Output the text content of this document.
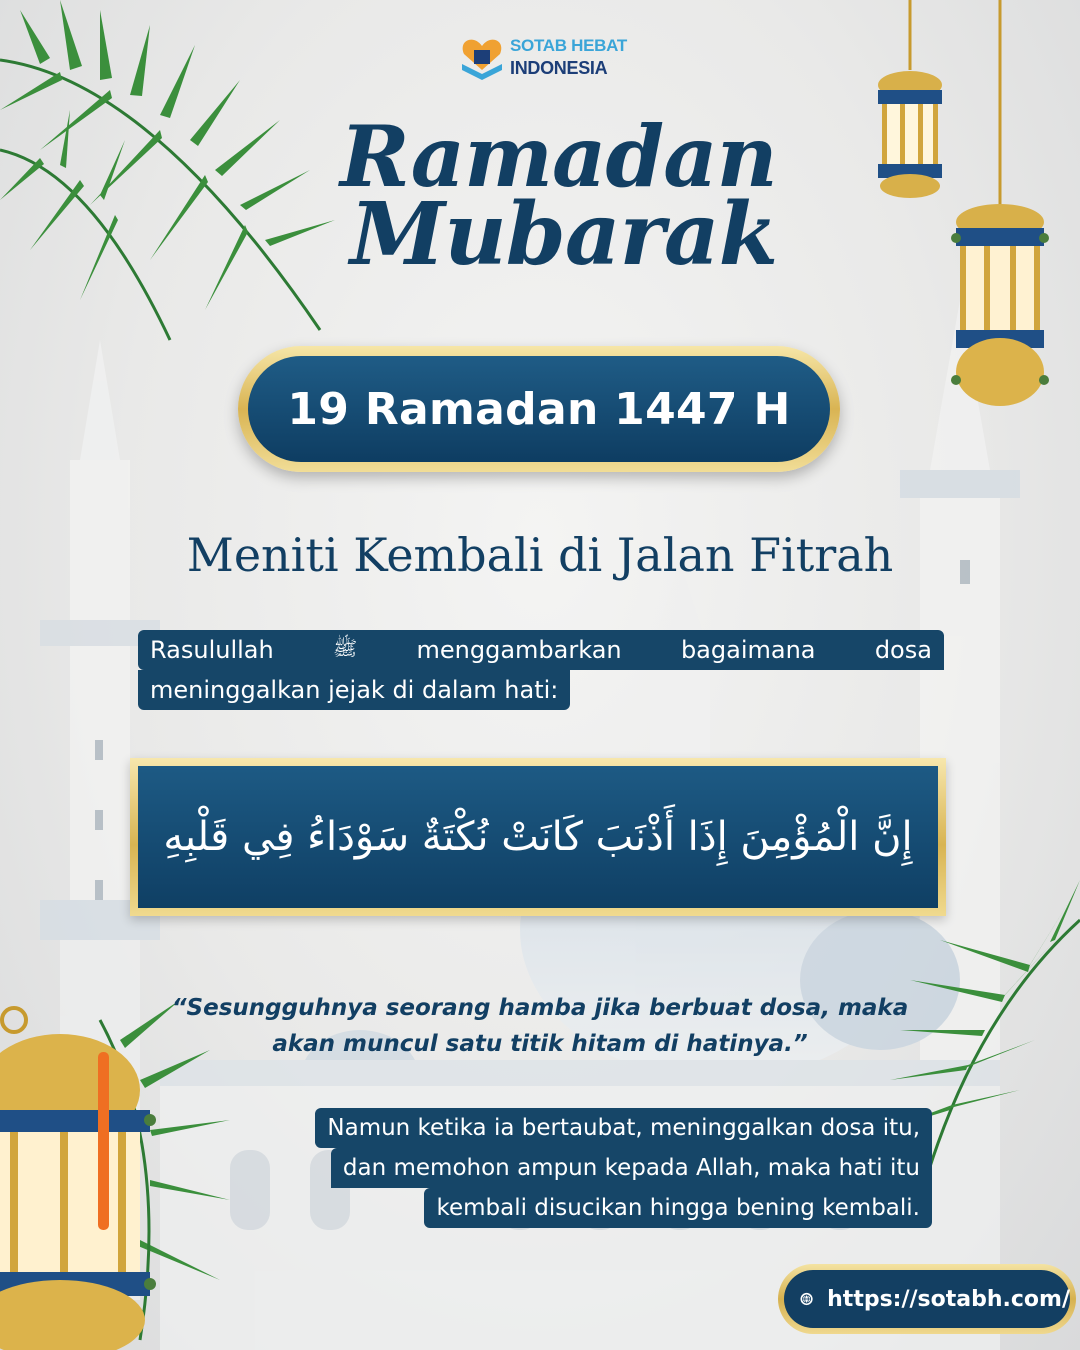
SOTAB HEBAT
INDONESIA
Ramadan
Mubarak
19 Ramadan 1447 H
Meniti Kembali di Jalan Fitrah
Rasulullah	ﷺ menggambarkan bagaimana dosa
meninggalkan jejak di dalam hati:
إِنَّ الْمُؤْمِنَ إِذَا أَذْنَبَ كَانَتْ نُكْتَةٌ سَوْدَاءُ فِي قَلْبِهِ
“Sesungguhnya seorang hamba jika berbuat dosa, maka
akan muncul satu titik hitam di hatinya.”
Namun ketika ia bertaubat, meninggalkan dosa itu,
dan memohon ampun kepada Allah, maka hati itu
kembali disucikan hingga bening kembali.
https://sotabh.com/
